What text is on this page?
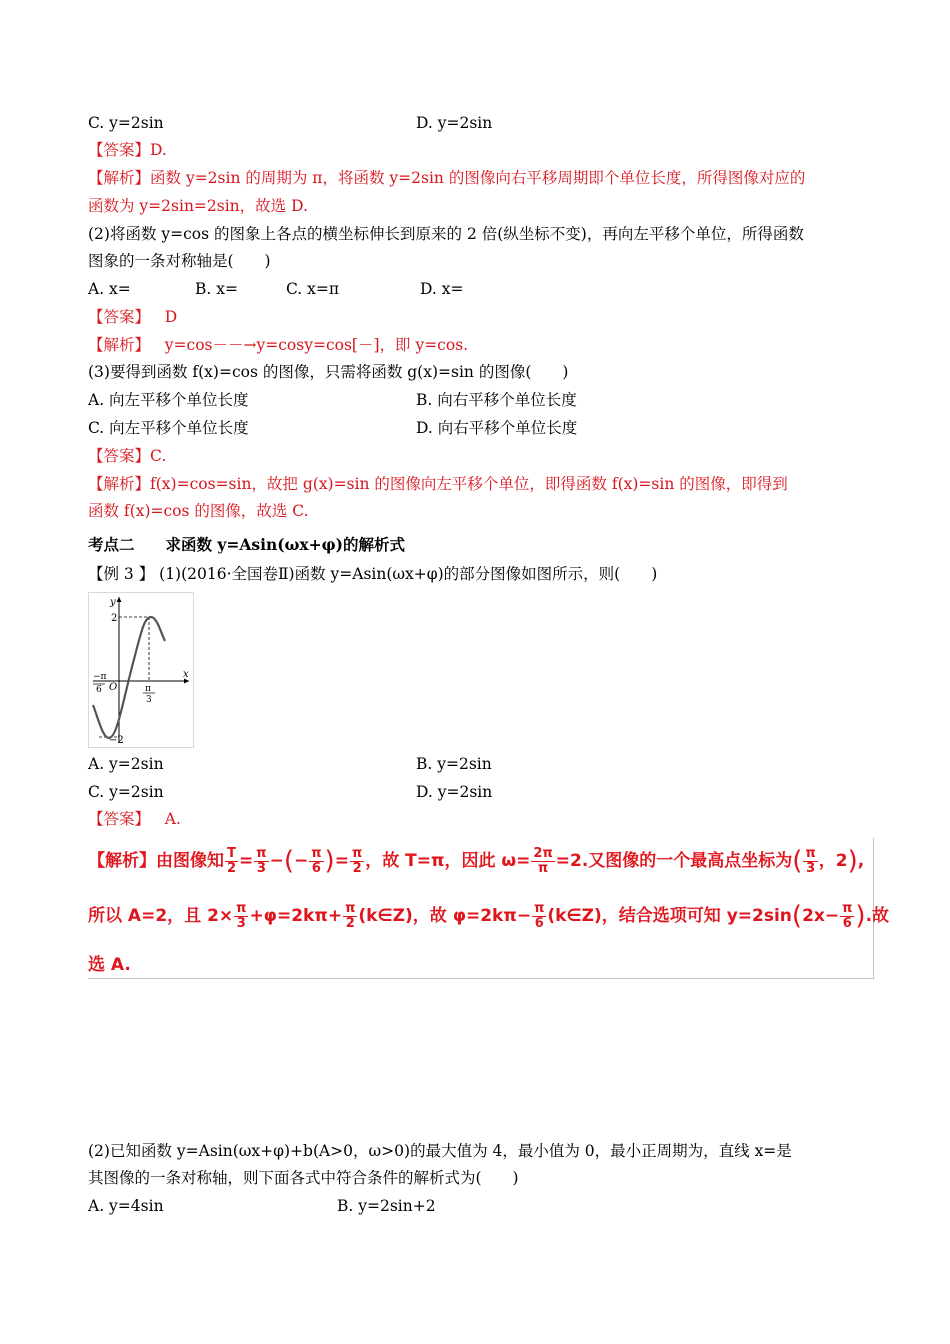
C. y=2sin	D. y=2sin
【答案】D.
【解析】函数 y=2sin 的周期为 π，将函数 y=2sin 的图像向右平移周期即个单位长度，所得图像对应的
函数为 y=2sin=2sin，故选 D.
(2)将函数 y=cos 的图象上各点的横坐标伸长到原来的 2 倍(纵坐标不变)，再向左平移个单位，所得函数
图象的一条对称轴是(　　)
A. x=	B. x=	C. x=π	D. x=
【答案】 D
【解析】 y=cos－－→y=cosy=cos[－]，即 y=cos.
(3)要得到函数 f(x)=cos 的图像，只需将函数 g(x)=sin 的图像(　　)
A. 向左平移个单位长度	B. 向右平移个单位长度
C. 向左平移个单位长度	D. 向右平移个单位长度
【答案】C.
【解析】f(x)=cos=sin，故把 g(x)=sin 的图像向左平移个单位，即得函数 f(x)=sin 的图像，即得到
函数 f(x)=cos 的图像，故选 C.
考点二　　求函数 y=Asin(ωx+φ)的解析式
【例 3 】 (1)(2016·全国卷Ⅱ)函数 y=Asin(ωx+φ)的部分图像如图所示，则(　　)
y
x
2
−2
O
−π
6	π
3
A. y=2sin	B. y=2sin
C. y=2sin	D. y=2sin
【答案】 A.
【解析】由图像知 $\frac{T}{2} = \frac{\pi}{3}$ −(− $\frac{\pi}{6}$ )= $\frac{\pi}{2}$ ，故 T=π，因此 $\omega= \frac{2\pi}{\pi} =2$.又图像的一个最高点坐标为( $\frac{\pi}{3}$ ，2),
所以 A=2，且 $2\times \frac{\pi}{3} +\varphi=2k\pi+ \frac{\pi}{2}$ (k∈Z)，故 $\varphi=2k\pi- \frac{\pi}{6}$ (k∈Z)，结合选项可知 $y=2\sin(2x- \frac{\pi}{6}$ ).故
选 A.
(2)已知函数 y=Asin(ωx+φ)+b(A>0，ω>0)的最大值为 4，最小值为 0，最小正周期为，直线 x=是
其图像的一条对称轴，则下面各式中符合条件的解析式为(　　)
A. y=4sin	B. y=2sin+2
